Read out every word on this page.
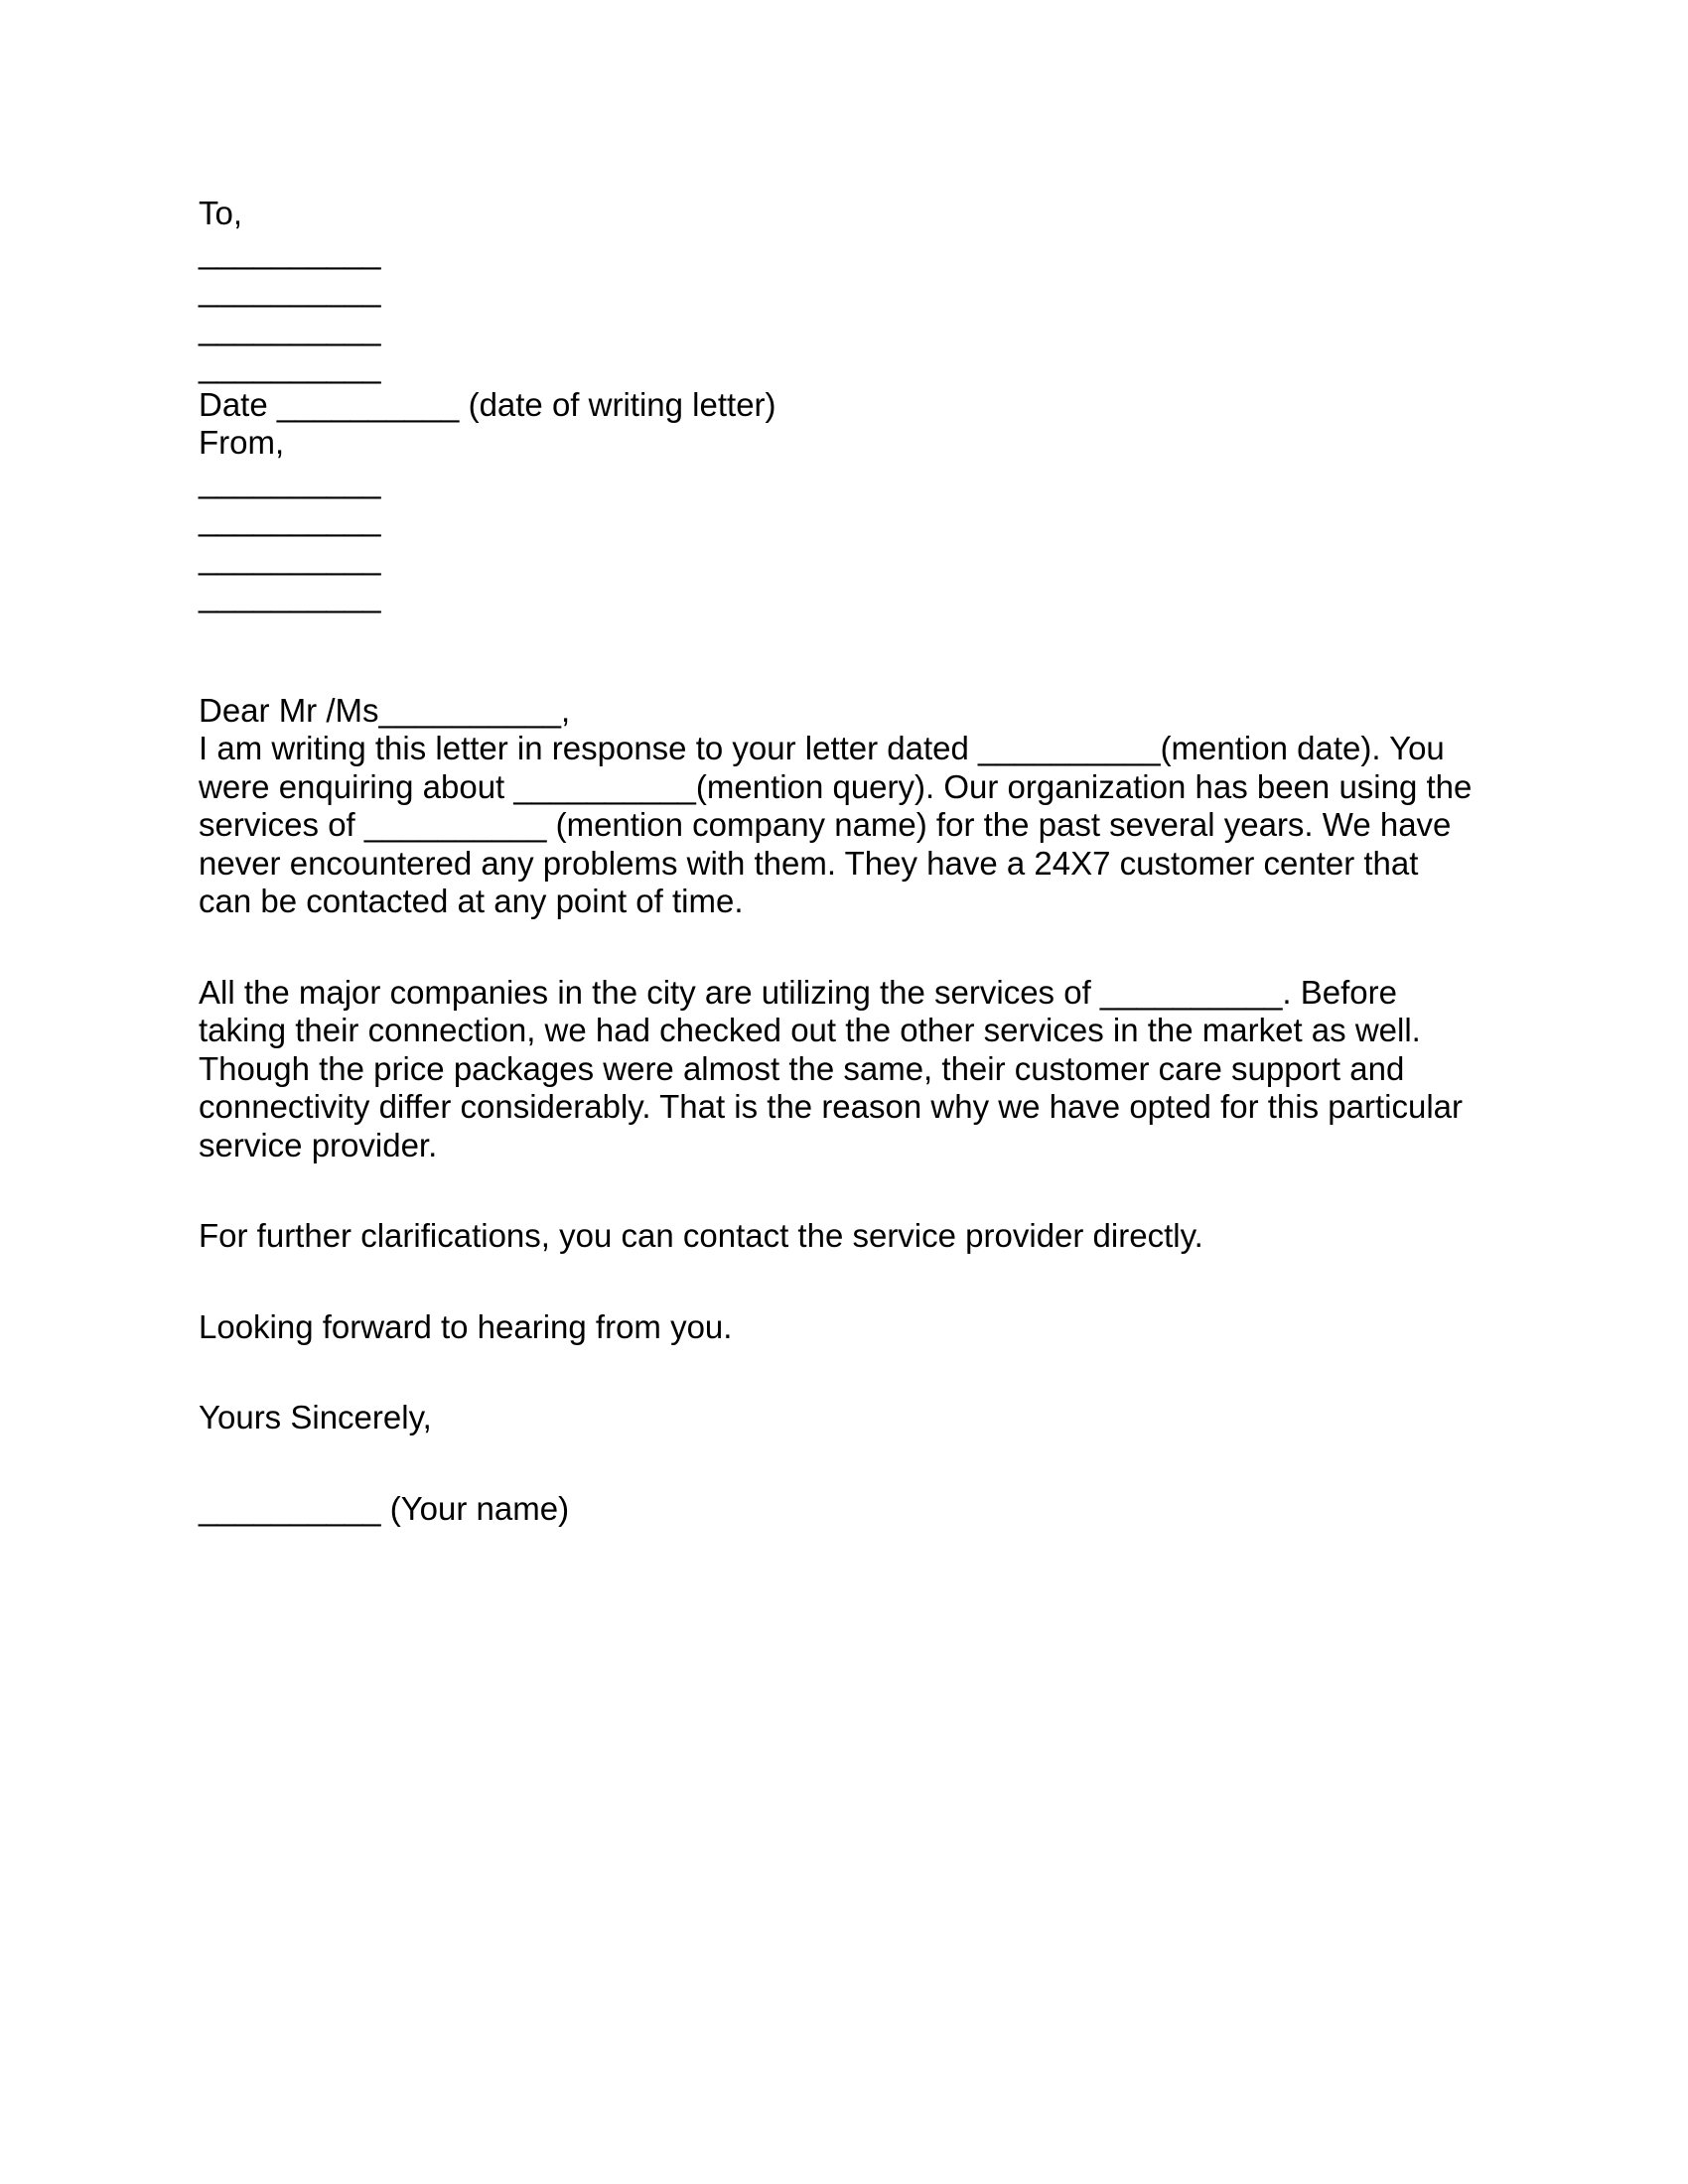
To,
__________
__________
__________
__________
Date __________ (date of writing letter)
From,
__________
__________
__________
__________
Dear Mr /Ms__________,
I am writing this letter in response to your letter dated __________(mention date). You
were enquiring about __________(mention query). Our organization has been using the
services of __________ (mention company name) for the past several years. We have
never encountered any problems with them. They have a 24X7 customer center that
can be contacted at any point of time.
All the major companies in the city are utilizing the services of __________. Before
taking their connection, we had checked out the other services in the market as well.
Though the price packages were almost the same, their customer care support and
connectivity differ considerably. That is the reason why we have opted for this particular
service provider.
For further clarifications, you can contact the service provider directly.
Looking forward to hearing from you.
Yours Sincerely,
__________ (Your name)
